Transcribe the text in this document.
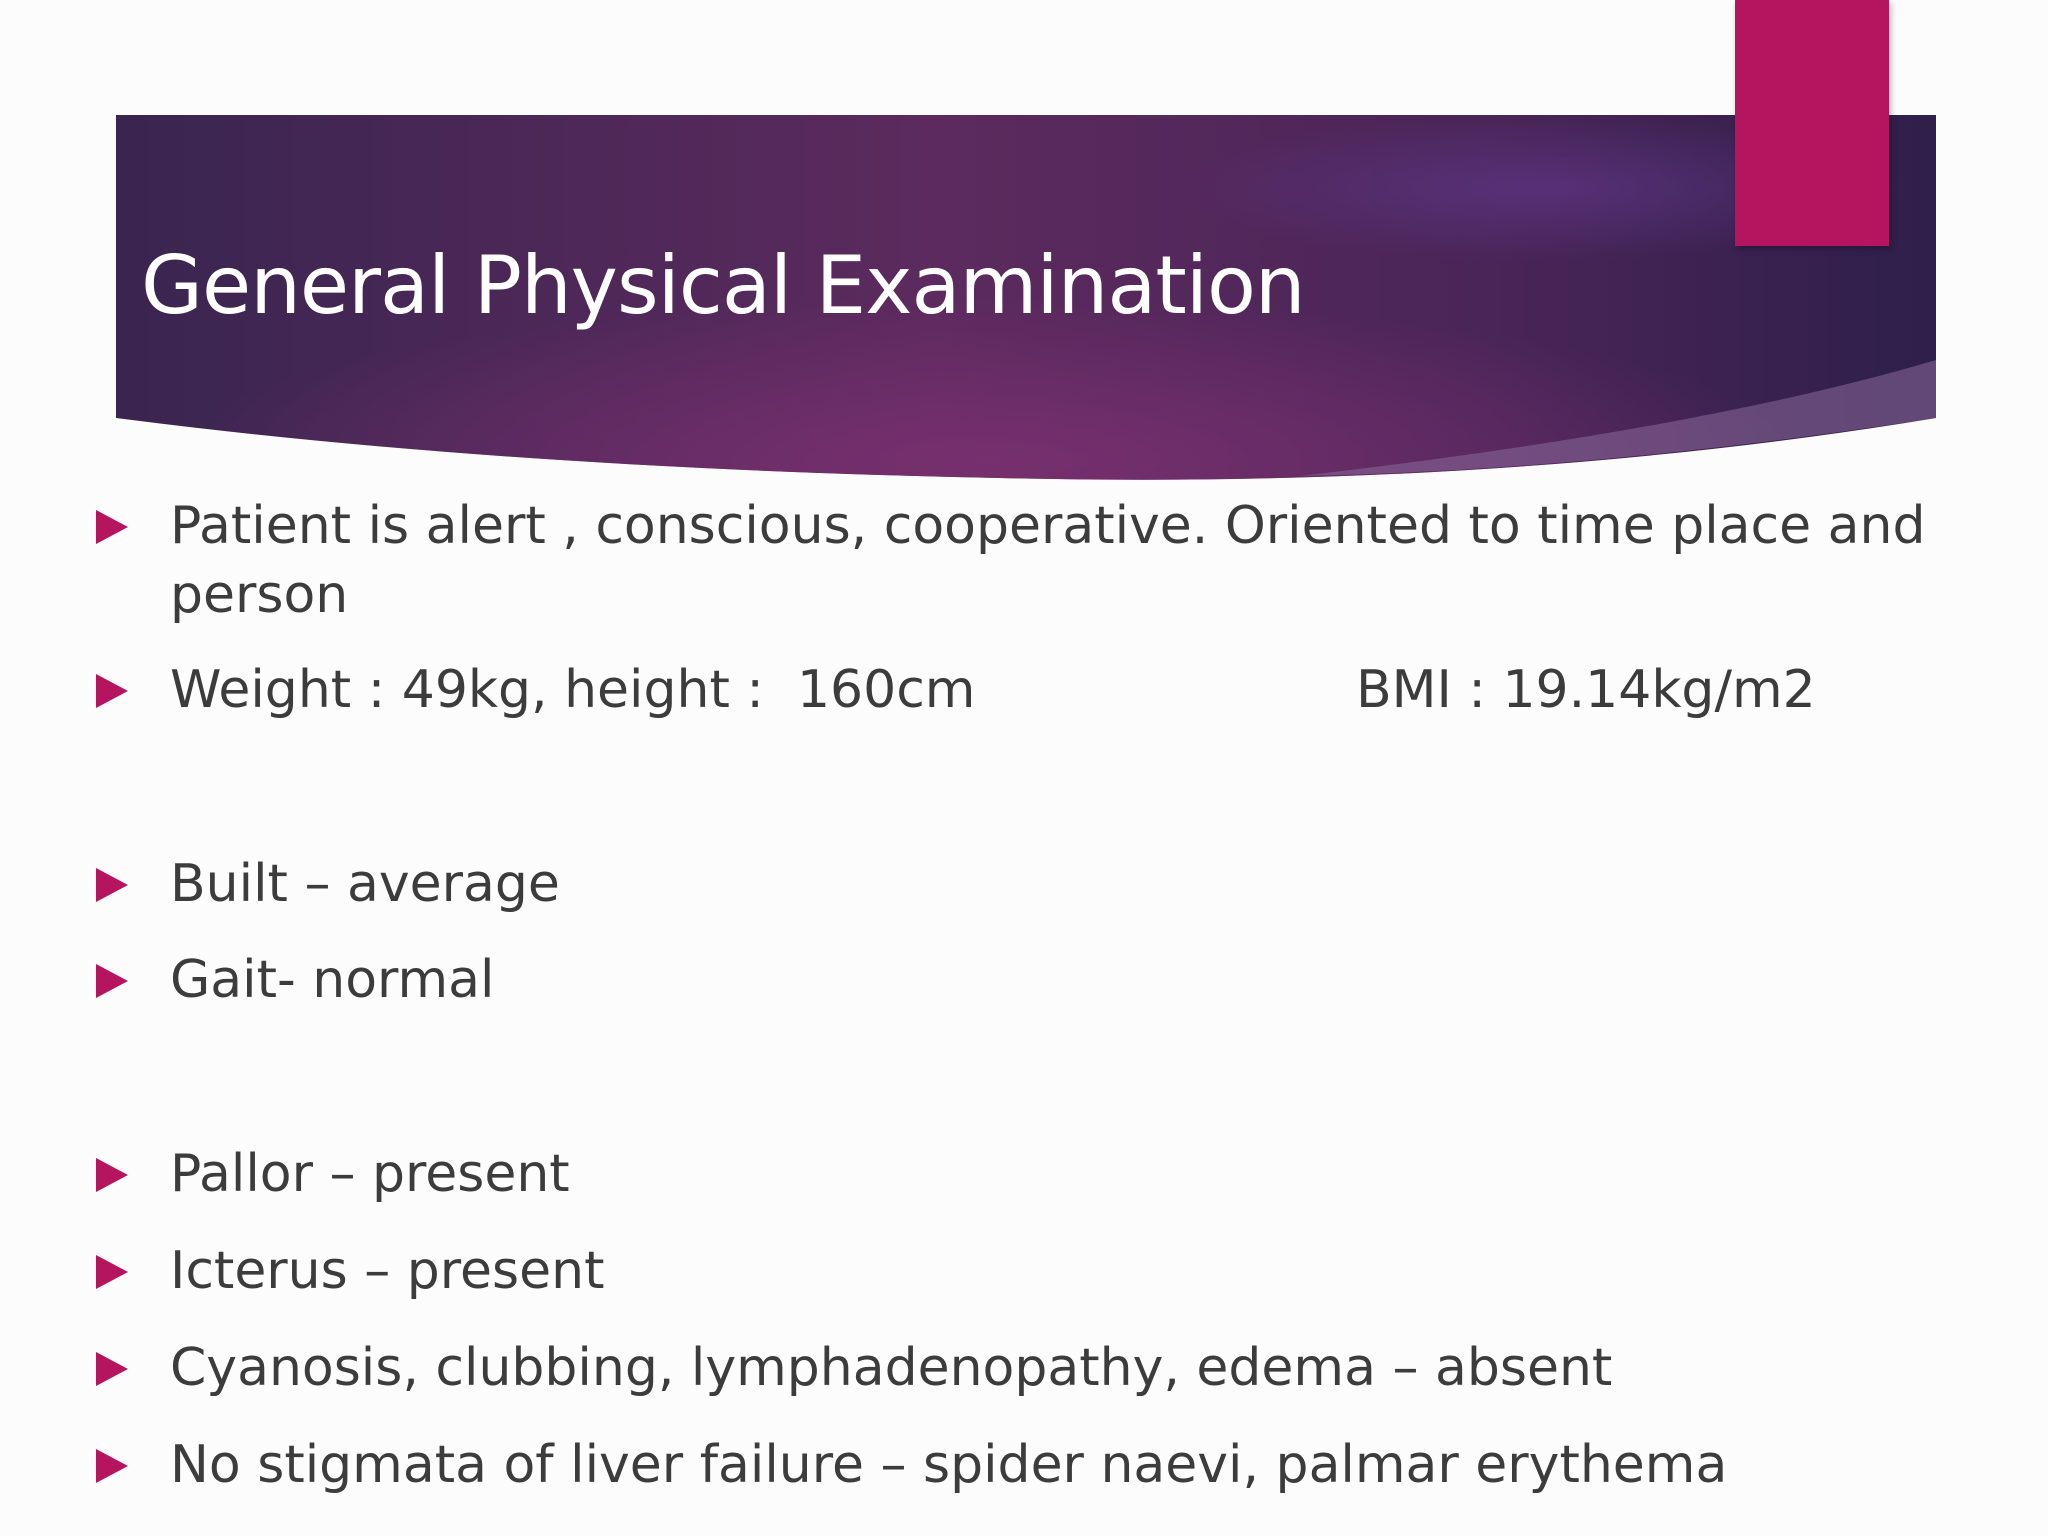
General Physical Examination
Patient is alert , conscious, cooperative. Oriented to time place and person
Weight : 49kg, height :  160cm	BMI : 19.14kg/m2
Built – average
Gait- normal
Pallor – present
Icterus – present
Cyanosis, clubbing, lymphadenopathy, edema – absent
No stigmata of liver failure – spider naevi, palmar erythema
